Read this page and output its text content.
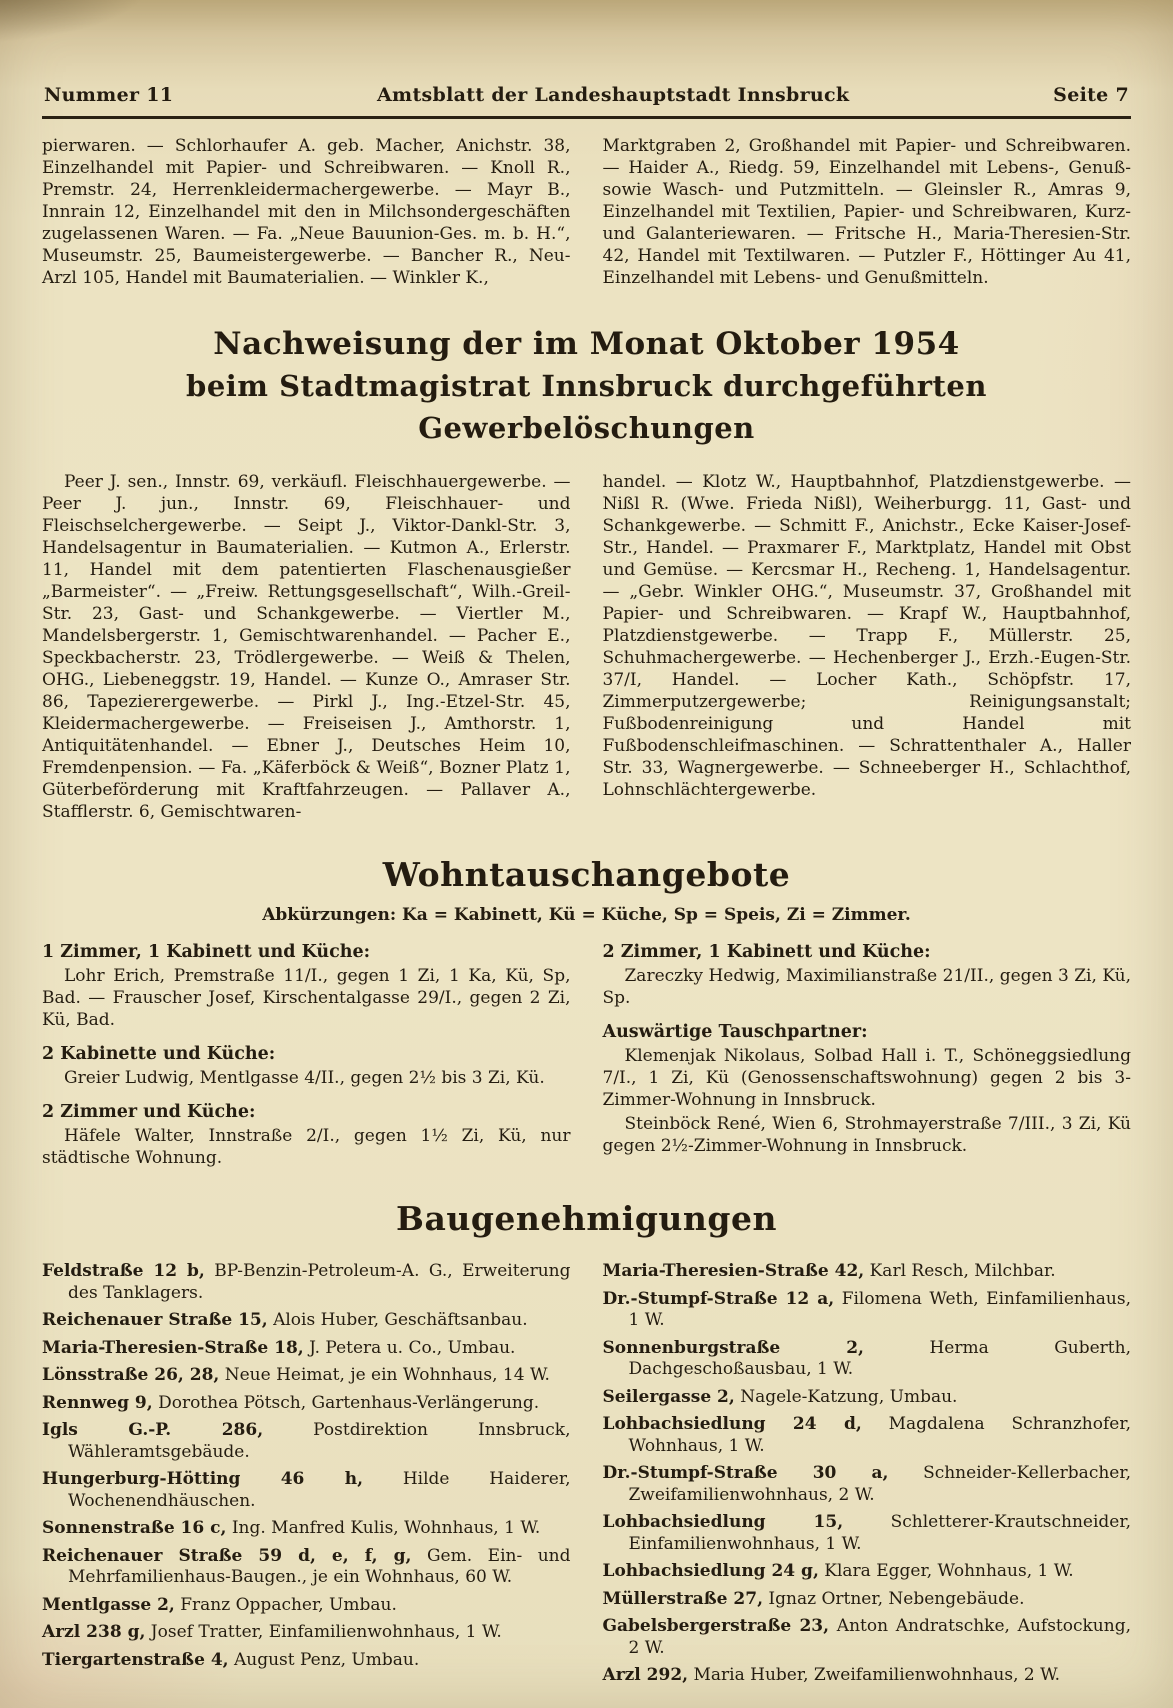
Nummer 11	Amtsblatt der Landeshauptstadt Innsbruck	Seite 7

pierwaren. — Schlorhaufer A. geb. Macher, Anichstr. 38, Einzelhandel mit Papier- und Schreibwaren. — Knoll R., Premstr. 24, Herrenkleidermachergewerbe. — Mayr B., Innrain 12, Einzelhandel mit den in Milchsondergeschäften zugelassenen Waren. — Fa. „Neue Bauunion-Ges. m. b. H.“, Museumstr. 25, Baumeistergewerbe. — Bancher R., Neu-Arzl 105, Handel mit Baumaterialien. — Winkler K.,

Marktgraben 2, Großhandel mit Papier- und Schreibwaren. — Haider A., Riedg. 59, Einzelhandel mit Lebens-, Genuß- sowie Wasch- und Putzmitteln. — Gleinsler R., Amras 9, Einzelhandel mit Textilien, Papier- und Schreibwaren, Kurz- und Galanteriewaren. — Fritsche H., Maria-Theresien-Str. 42, Handel mit Textilwaren. — Putzler F., Höttinger Au 41, Einzelhandel mit Lebens- und Genußmitteln.

Nachweisung der im Monat Oktober 1954
beim Stadtmagistrat Innsbruck durchgeführten Gewerbelöschungen

Peer J. sen., Innstr. 69, verkäufl. Fleischhauergewerbe. — Peer J. jun., Innstr. 69, Fleischhauer- und Fleischselchergewerbe. — Seipt J., Viktor-Dankl-Str. 3, Handelsagentur in Baumaterialien. — Kutmon A., Erlerstr. 11, Handel mit dem patentierten Flaschenausgießer „Barmeister“. — „Freiw. Rettungsgesellschaft“, Wilh.-Greil-Str. 23, Gast- und Schankgewerbe. — Viertler M., Mandelsbergerstr. 1, Gemischtwarenhandel. — Pacher E., Speckbacherstr. 23, Trödlergewerbe. — Weiß & Thelen, OHG., Liebeneggstr. 19, Handel. — Kunze O., Amraser Str. 86, Tapezierergewerbe. — Pirkl J., Ing.-Etzel-Str. 45, Kleidermachergewerbe. — Freiseisen J., Amthorstr. 1, Antiquitätenhandel. — Ebner J., Deutsches Heim 10, Fremdenpension. — Fa. „Käferböck & Weiß“, Bozner Platz 1, Güterbeförderung mit Kraftfahrzeugen. — Pallaver A., Stafflerstr. 6, Gemischtwaren-

handel. — Klotz W., Hauptbahnhof, Platzdienstgewerbe. — Nißl R. (Wwe. Frieda Nißl), Weiherburgg. 11, Gast- und Schankgewerbe. — Schmitt F., Anichstr., Ecke Kaiser-Josef-Str., Handel. — Praxmarer F., Marktplatz, Handel mit Obst und Gemüse. — Kercsmar H., Recheng. 1, Handelsagentur. — „Gebr. Winkler OHG.“, Museumstr. 37, Großhandel mit Papier- und Schreibwaren. — Krapf W., Hauptbahnhof, Platzdienstgewerbe. — Trapp F., Müllerstr. 25, Schuhmachergewerbe. — Hechenberger J., Erzh.-Eugen-Str. 37/I, Handel. — Locher Kath., Schöpfstr. 17, Zimmerputzergewerbe; Reinigungsanstalt; Fußbodenreinigung und Handel mit Fußbodenschleifmaschinen. — Schrattenthaler A., Haller Str. 33, Wagnergewerbe. — Schneeberger H., Schlachthof, Lohnschlächtergewerbe.

Wohntauschangebote

Abkürzungen: Ka = Kabinett, Kü = Küche, Sp = Speis, Zi = Zimmer.

1 Zimmer, 1 Kabinett und Küche:

Lohr Erich, Premstraße 11/I., gegen 1 Zi, 1 Ka, Kü, Sp, Bad. — Frauscher Josef, Kirschentalgasse 29/I., gegen 2 Zi, Kü, Bad.

2 Kabinette und Küche:

Greier Ludwig, Mentlgasse 4/II., gegen 2½ bis 3 Zi, Kü.

2 Zimmer und Küche:

Häfele Walter, Innstraße 2/I., gegen 1½ Zi, Kü, nur städtische Wohnung.

2 Zimmer, 1 Kabinett und Küche:

Zareczky Hedwig, Maximilianstraße 21/II., gegen 3 Zi, Kü, Sp.

Auswärtige Tauschpartner:

Klemenjak Nikolaus, Solbad Hall i. T., Schöneggsiedlung 7/I., 1 Zi, Kü (Genossenschaftswohnung) gegen 2 bis 3-Zimmer-Wohnung in Innsbruck.

Steinböck René, Wien 6, Strohmayerstraße 7/III., 3 Zi, Kü gegen 2½-Zimmer-Wohnung in Innsbruck.

Baugenehmigungen

Feldstraße 12 b, BP-Benzin-Petroleum-A. G., Erweiterung des Tanklagers.

Reichenauer Straße 15, Alois Huber, Geschäftsanbau.

Maria-Theresien-Straße 18, J. Petera u. Co., Umbau.

Lönsstraße 26, 28, Neue Heimat, je ein Wohnhaus, 14 W.

Rennweg 9, Dorothea Pötsch, Gartenhaus-Verlängerung.

Igls G.-P. 286,	Postdirektion Innsbruck, Wähleramtsgebäude.

Hungerburg-Hötting 46 h, Hilde Haiderer, Wochenendhäuschen.

Sonnenstraße 16 c, Ing. Manfred Kulis, Wohnhaus, 1 W.

Reichenauer Straße 59 d, e, f, g, Gem. Ein- und Mehrfamilienhaus-Baugen., je ein Wohnhaus, 60 W.

Mentlgasse 2, Franz Oppacher, Umbau.

Arzl 238 g, Josef Tratter, Einfamilienwohnhaus, 1 W.

Tiergartenstraße 4, August Penz, Umbau.

Maria-Theresien-Straße 42, Karl Resch, Milchbar.

Dr.-Stumpf-Straße 12 a, Filomena Weth, Einfamilienhaus, 1 W.

Sonnenburgstraße 2,	Herma Guberth, Dachgeschoßausbau, 1 W.

Seilergasse 2, Nagele-Katzung, Umbau.

Lohbachsiedlung 24 d, Magdalena Schranzhofer, Wohnhaus, 1 W.

Dr.-Stumpf-Straße 30 a, Schneider-Kellerbacher, Zweifamilienwohnhaus, 2 W.

Lohbachsiedlung 15,	Schletterer-Krautschneider, Einfamilienwohnhaus, 1 W.

Lohbachsiedlung 24 g, Klara Egger, Wohnhaus, 1 W.

Müllerstraße 27, Ignaz Ortner, Nebengebäude.

Gabelsbergerstraße 23, Anton Andratschke, Aufstockung, 2 W.

Arzl 292, Maria Huber, Zweifamilienwohnhaus, 2 W.
